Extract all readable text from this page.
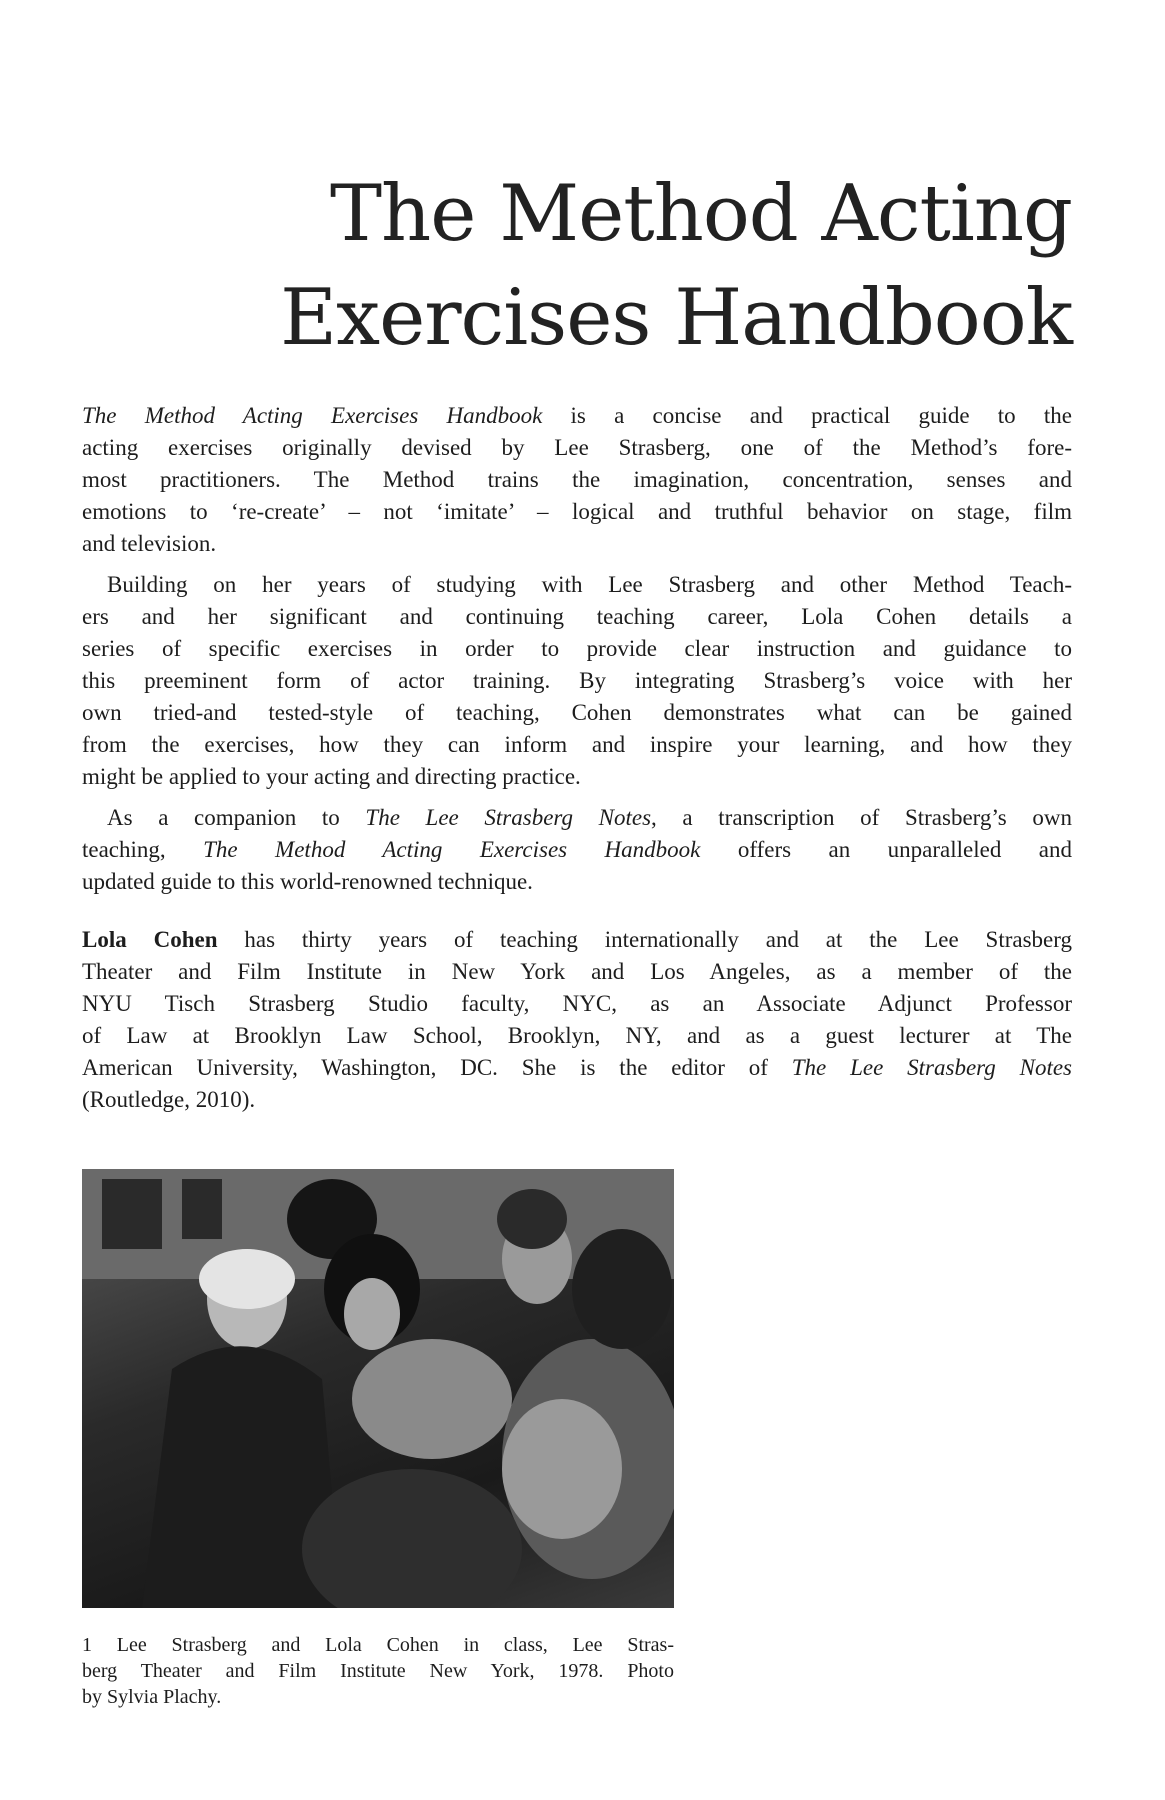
The Method Acting
Exercises Handbook
The Method Acting Exercises Handbook is a concise and practical guide to the
acting exercises originally devised by Lee Strasberg, one of the Method’s fore-
most practitioners. The Method trains the imagination, concentration, senses and
emotions to ‘re-create’ – not ‘imitate’ – logical and truthful behavior on stage, film
and television.
Building on her years of studying with Lee Strasberg and other Method Teach-
ers and her significant and continuing teaching career, Lola Cohen details a
series of specific exercises in order to provide clear instruction and guidance to
this preeminent form of actor training. By integrating Strasberg’s voice with her
own tried-and tested-style of teaching, Cohen demonstrates what can be gained
from the exercises, how they can inform and inspire your learning, and how they
might be applied to your acting and directing practice.
As a companion to The Lee Strasberg Notes, a transcription of Strasberg’s own
teaching, The Method Acting Exercises Handbook offers an unparalleled and
updated guide to this world-renowned technique.
Lola Cohen has thirty years of teaching internationally and at the Lee Strasberg
Theater and Film Institute in New York and Los Angeles, as a member of the
NYU Tisch Strasberg Studio faculty, NYC, as an Associate Adjunct Professor
of Law at Brooklyn Law School, Brooklyn, NY, and as a guest lecturer at The
American University, Washington, DC. She is the editor of The Lee Strasberg Notes
(Routledge, 2010).
1 Lee Strasberg and Lola Cohen in class, Lee Stras-
berg Theater and Film Institute New York, 1978. Photo
by Sylvia Plachy.
